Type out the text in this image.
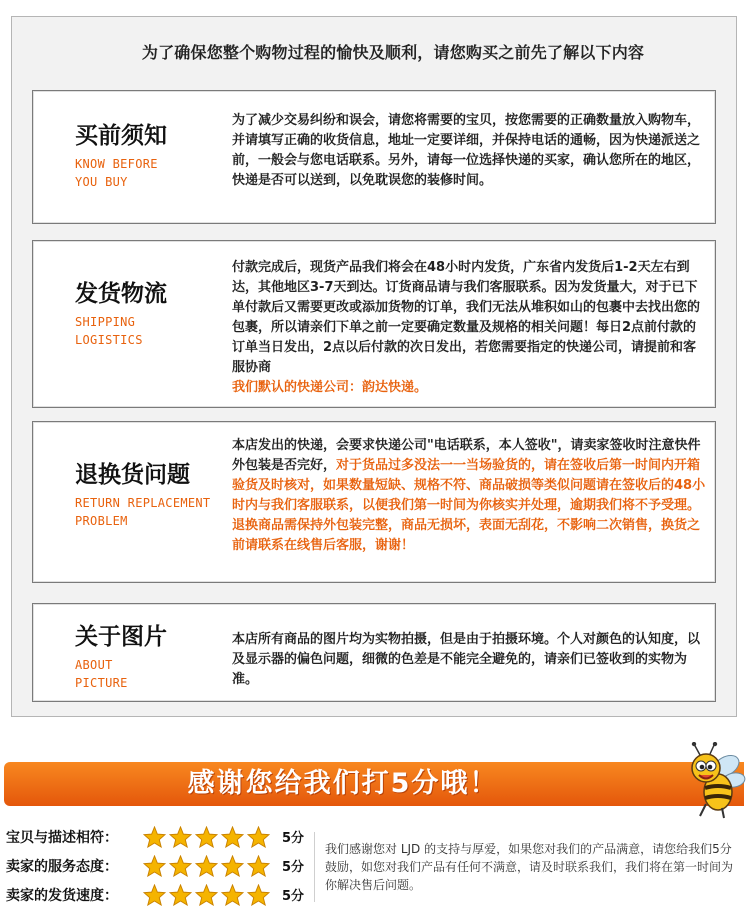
为了确保您整个购物过程的愉快及顺利，请您购买之前先了解以下内容
买前须知
KNOW BEFORE
YOU BUY
为了减少交易纠纷和误会，请您将需要的宝贝，按您需要的正确数量放入购物车，并请填写正确的收货信息，地址一定要详细，并保持电话的通畅，因为快递派送之前，一般会与您电话联系。另外，请每一位选择快递的买家，确认您所在的地区，快递是否可以送到，以免耽误您的装修时间。
发货物流
SHIPPING
LOGISTICS
付款完成后，现货产品我们将会在48小时内发货，广东省内发货后1-2天左右到达，其他地区3-7天到达。订货商品请与我们客服联系。因为发货量大，对于已下单付款后又需要更改或添加货物的订单，我们无法从堆积如山的包裹中去找出您的包裹，所以请亲们下单之前一定要确定数量及规格的相关问题！每日2点前付款的订单当日发出，2点以后付款的次日发出，若您需要指定的快递公司，请提前和客服协商
我们默认的快递公司：韵达快递。
退换货问题
RETURN REPLACEMENT
PROBLEM
本店发出的快递，会要求快递公司"电话联系，本人签收"，请卖家签收时注意快件外包装是否完好，对于货品过多没法一一当场验货的，请在签收后第一时间内开箱验货及时核对，如果数量短缺、规格不符、商品破损等类似问题请在签收后的48小时内与我们客服联系，以便我们第一时间为你核实并处理，逾期我们将不予受理。退换商品需保持外包装完整，商品无损坏，表面无刮花，不影响二次销售，换货之前请联系在线售后客服，谢谢！
关于图片
ABOUT
PICTURE
本店所有商品的图片均为实物拍摄，但是由于拍摄环境。个人对颜色的认知度，以及显示器的偏色问题，细微的色差是不能完全避免的，请亲们已签收到的实物为准。
感谢您给我们打5分哦！
宝贝与描述相符：	5分
卖家的服务态度：	5分
卖家的发货速度：	5分
我们感谢您对 LJD 的支持与厚爱，如果您对我们的产品满意，请您给我们5分鼓励，如您对我们产品有任何不满意，请及时联系我们，我们将在第一时间为你解决售后问题。
